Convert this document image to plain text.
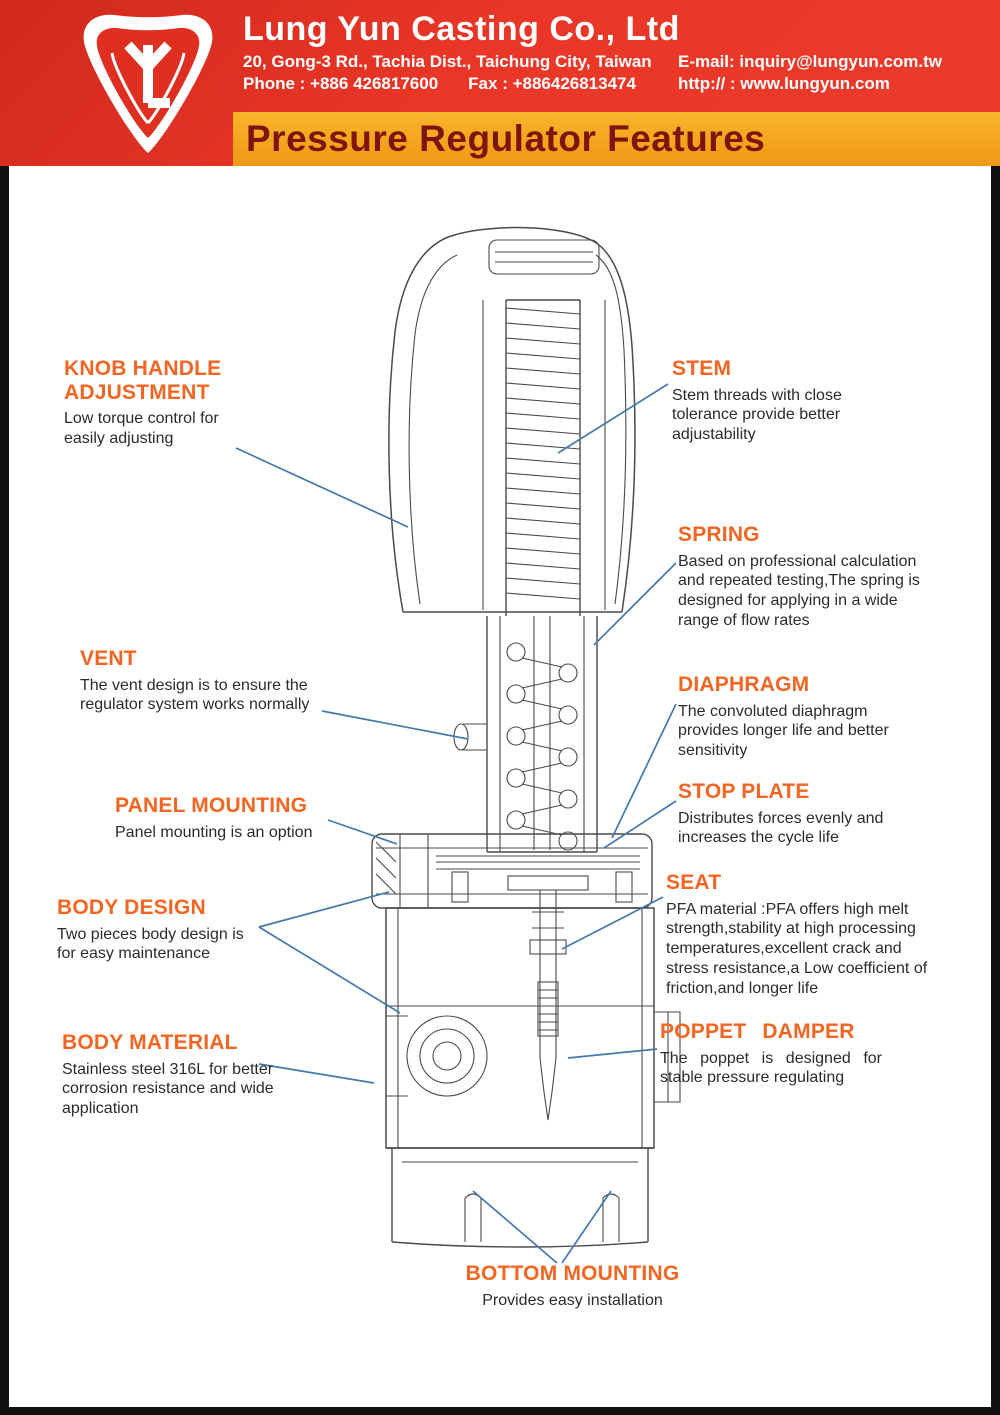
Lung Yun Casting Co., Ltd
20, Gong-3 Rd., Tachia Dist., Taichung City, Taiwan
Phone : +886 426817600 Fax : +886426813474
E-mail: inquiry@lungyun.com.tw
http:// : www.lungyun.com
Pressure Regulator Features
KNOB HANDLE ADJUSTMENT
Low torque control for easily adjusting
VENT
The vent design is to ensure the regulator system works normally
PANEL MOUNTING
Panel mounting is an option
BODY DESIGN
Two pieces body design is for easy maintenance
BODY MATERIAL
Stainless steel 316L for better corrosion resistance and wide application
STEM
Stem threads with close tolerance provide better adjustability
SPRING
Based on professional calculation and repeated testing,The spring is designed for applying in a wide range of flow rates
DIAPHRAGM
The convoluted diaphragm provides longer life and better sensitivity
STOP PLATE
Distributes forces evenly and increases the cycle life
SEAT
PFA material :PFA offers high melt strength,stability at high processing temperatures,excellent crack and stress resistance,a Low coefficient of friction,and longer life
POPPET DAMPER
The poppet is designed for stable pressure regulating
BOTTOM MOUNTING
Provides easy installation
